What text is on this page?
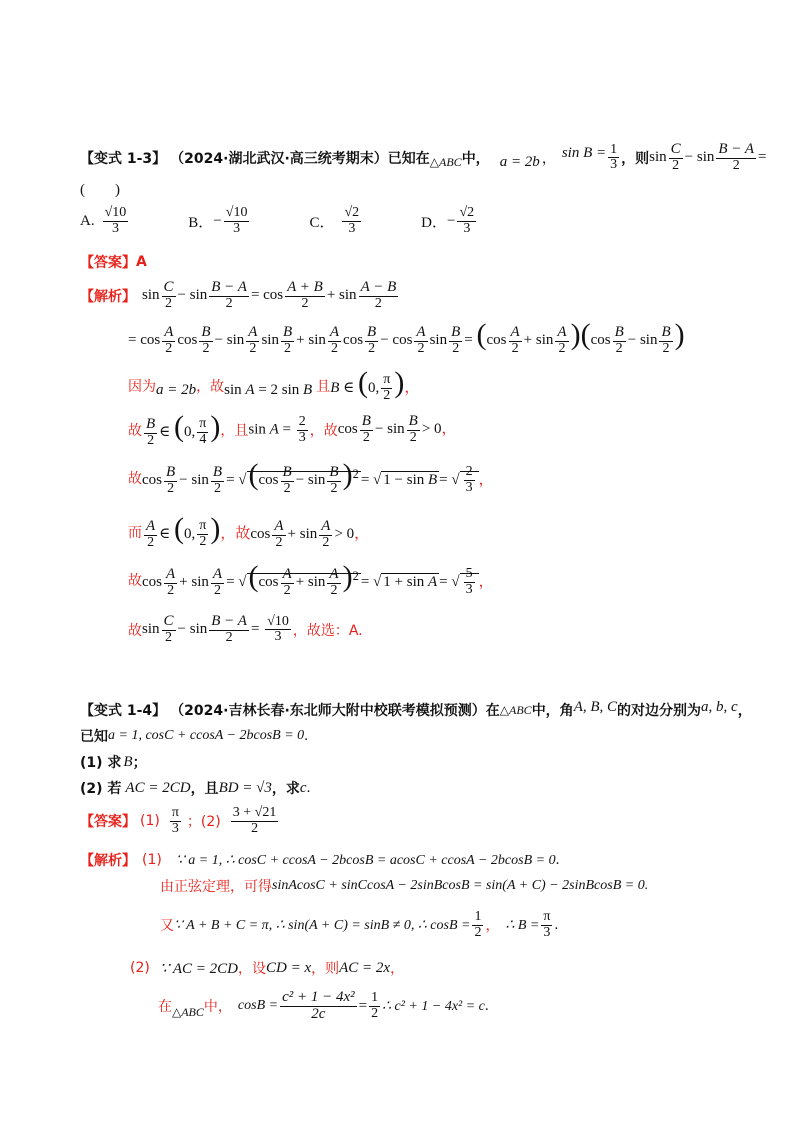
【变式 1-3】 （2024·湖北武汉·高三统考期末） 已知在 △ABC 中， a = 2b ， $\sin B = \frac{1}{3}$ ，则 $\sin \frac{C}{2} - \sin \frac{B - A}{2}$ =
(        )
A. $\frac{√10}{3}$	B． − $\frac{√10}{3}$	C． $\frac{√2}{3}$	D． − $\frac{√2}{3}$
【答案】 A
【解析】 $\sin \frac{C}{2} - \sin \frac{B - A}{2} = \cos \frac{A + B}{2} + \sin \frac{A - B}{2}$
= $\cos \frac{A}{2}$ $\cos \frac{B}{2} - \sin \frac{A}{2}$ $\sin \frac{B}{2} + \sin \frac{A}{2}$ $\cos \frac{B}{2} - \cos \frac{A}{2}$ $\sin \frac{B}{2} = (\cos \frac{A}{2} + \sin \frac{A}{2} )(\cos \frac{B}{2} - \sin \frac{B}{2}$ )
因为 a = 2b ，故 sin A = 2 sin B 且 B ∈ (0, $\frac{\pi}{2}$ )，
故 $\frac{B}{2}$ ∈ (0, $\frac{\pi}{4}$ ) ，且 $\sin A = \frac{2}{3}$ ，故 $\cos \frac{B}{2} - \sin \frac{B}{2} > 0$，
故 $\cos \frac{B}{2} - \sin \frac{B}{2} = √(\cos \frac{B}{2} - \sin \frac{B}{2} )^2$ = √ 1 − sin B = √ $\frac{2}{3}$ ，
而 $\frac{A}{2}$ ∈ (0, $\frac{\pi}{2}$ )，故$\cos \frac{A}{2} + \sin \frac{A}{2} > 0$，
故 $\cos \frac{A}{2} + \sin \frac{A}{2} = √(\cos \frac{A}{2} + \sin \frac{A}{2} )^2$ = √ 1 + sin A = √ $\frac{5}{3}$ ，
故 $\sin \frac{C}{2} - \sin \frac{B - A}{2} = \frac{√10}{3}$ ，故选：A.
【变式 1-4】 （2024·吉林长春·东北师大附中校联考模拟预测） 在 △ABC 中，角 A, B, C 的对边分别为 a, b, c ，
已知 a = 1, cosC + ccosA − 2bcosB = 0 .
(1) 求 B ；
(2) 若 AC = 2CD ，且 BD = √3 ，求 c .
【答案】 $(1) \frac{\pi}{3}$ ；$(2) \frac{3 + √21}{2}$
【解析】 (1) ∵ a = 1, ∴ cosC + ccosA − 2bcosB = acosC + ccosA − 2bcosB = 0 .
由正弦定理，可得 sinAcosC + sinCcosA − 2sinBcosB = sin(A + C) − 2sinBcosB = 0.
又 ∵ A + B + C = π, ∴ sin(A + C) = sinB ≠ 0, ∴ $\cos B = \frac{1}{2}$ ， ∴ $B = \frac{\pi}{3}$ .
(2) ∵ AC = 2CD ，设 CD = x ，则 AC = 2x ，
在 △ABC 中， $\cos B = \frac{\text{c² + 1 − 4x²}}{2c} = \frac{1}{2}$ ∴ c² + 1 − 4x² = c .
